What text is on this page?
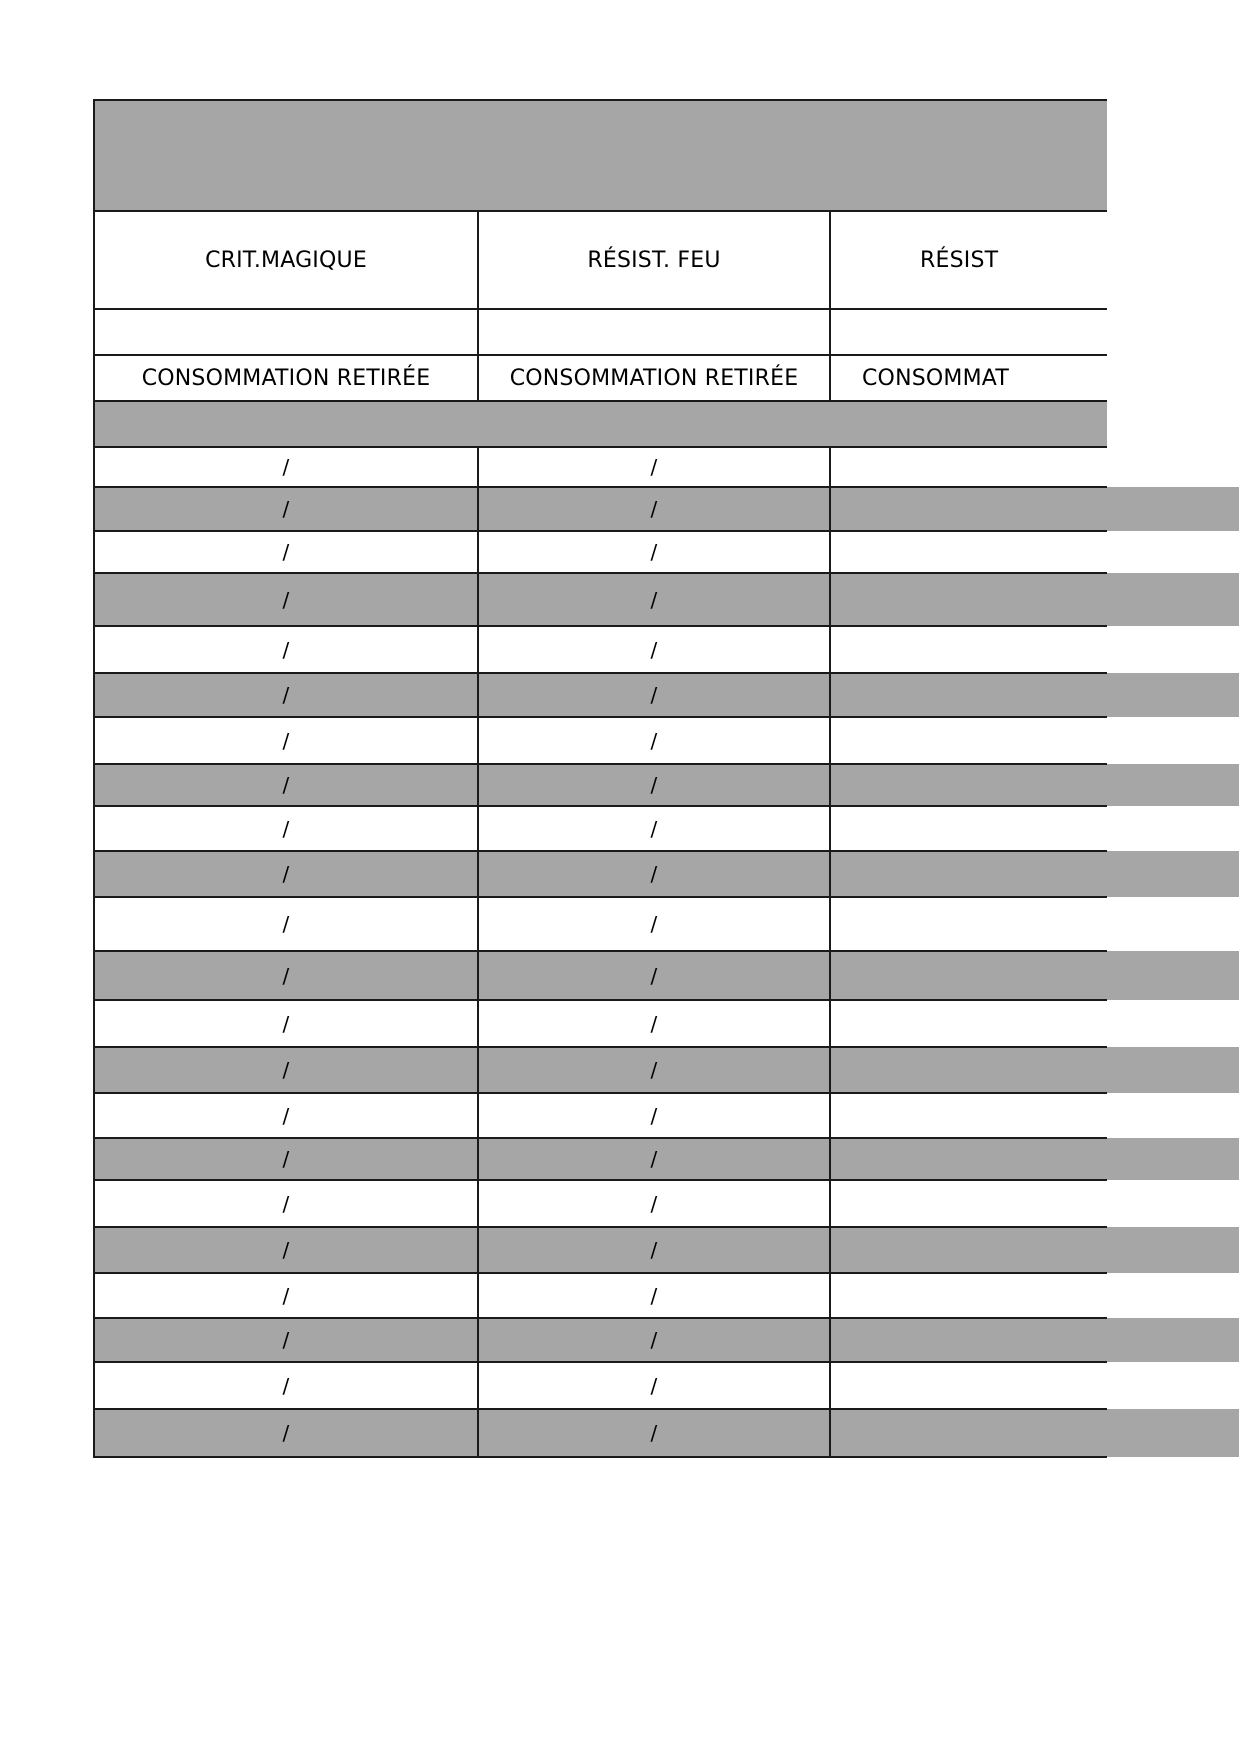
CRIT.MAGIQUE	RÉSIST. FEU	RÉSIST
CONSOMMATION RETIRÉE	CONSOMMATION RETIRÉE	CONSOMMAT
/	/
/	/
/	/
/	/
/	/
/	/
/	/
/	/
/	/
/	/
/	/
/	/
/	/
/	/
/	/
/	/
/	/
/	/
/	/
/	/
/	/
/	/
